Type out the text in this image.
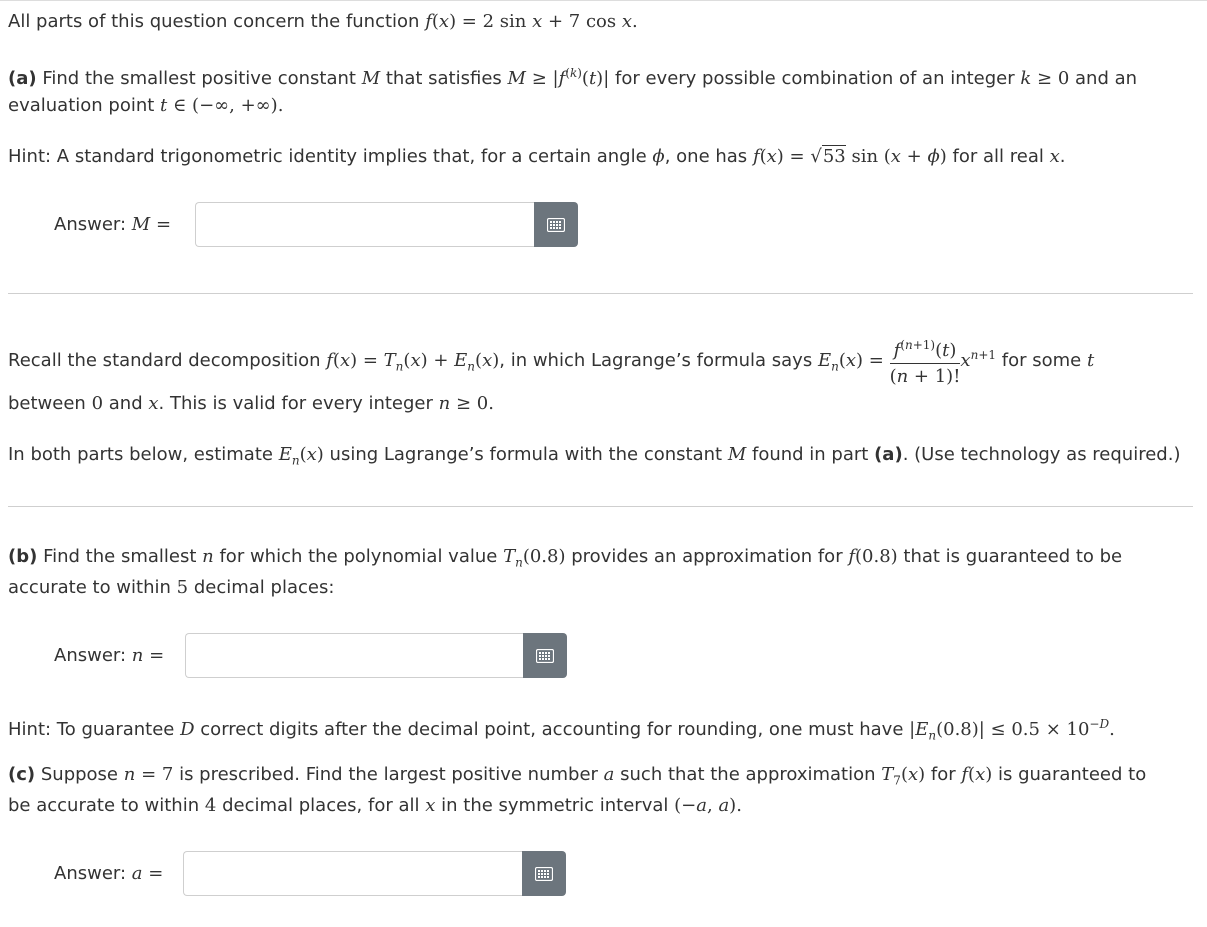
All parts of this question concern the function f(x) = 2 sin x + 7 cos x.
(a) Find the smallest positive constant M that satisfies $M \ge |f^{(k)}(t)|$ for every possible combination of an integer k ≥ 0 and an
evaluation point t ∈ (−∞, +∞).
Hint: A standard trigonometric identity implies that, for a certain angle ϕ, one has f(x) = √53 sin (x + ϕ) for all real x.
Answer: M =
Recall the standard decomposition $f(x) = T_n(x) + E_n(x)$, in which Lagrange’s formula says $E_n(x) = \frac{f^{(n+1)}(t)}{(n + 1)!} x^{n+1}$ for some t
between 0 and x. This is valid for every integer n ≥ 0.
In both parts below, estimate $E_n(x)$ using Lagrange’s formula with the constant M found in part (a). (Use technology as required.)
(b) Find the smallest n for which the polynomial value $T_n(0.8)$ provides an approximation for f(0.8) that is guaranteed to be
accurate to within 5 decimal places:
Answer: n =
Hint: To guarantee D correct digits after the decimal point, accounting for rounding, one must have $|E_n(0.8)| \le 0.5 \times 10^{-D}$.
(c) Suppose n = 7 is prescribed. Find the largest positive number a such that the approximation $T_7(x)$ for f(x) is guaranteed to
be accurate to within 4 decimal places, for all x in the symmetric interval (−a, a).
Answer: a =
